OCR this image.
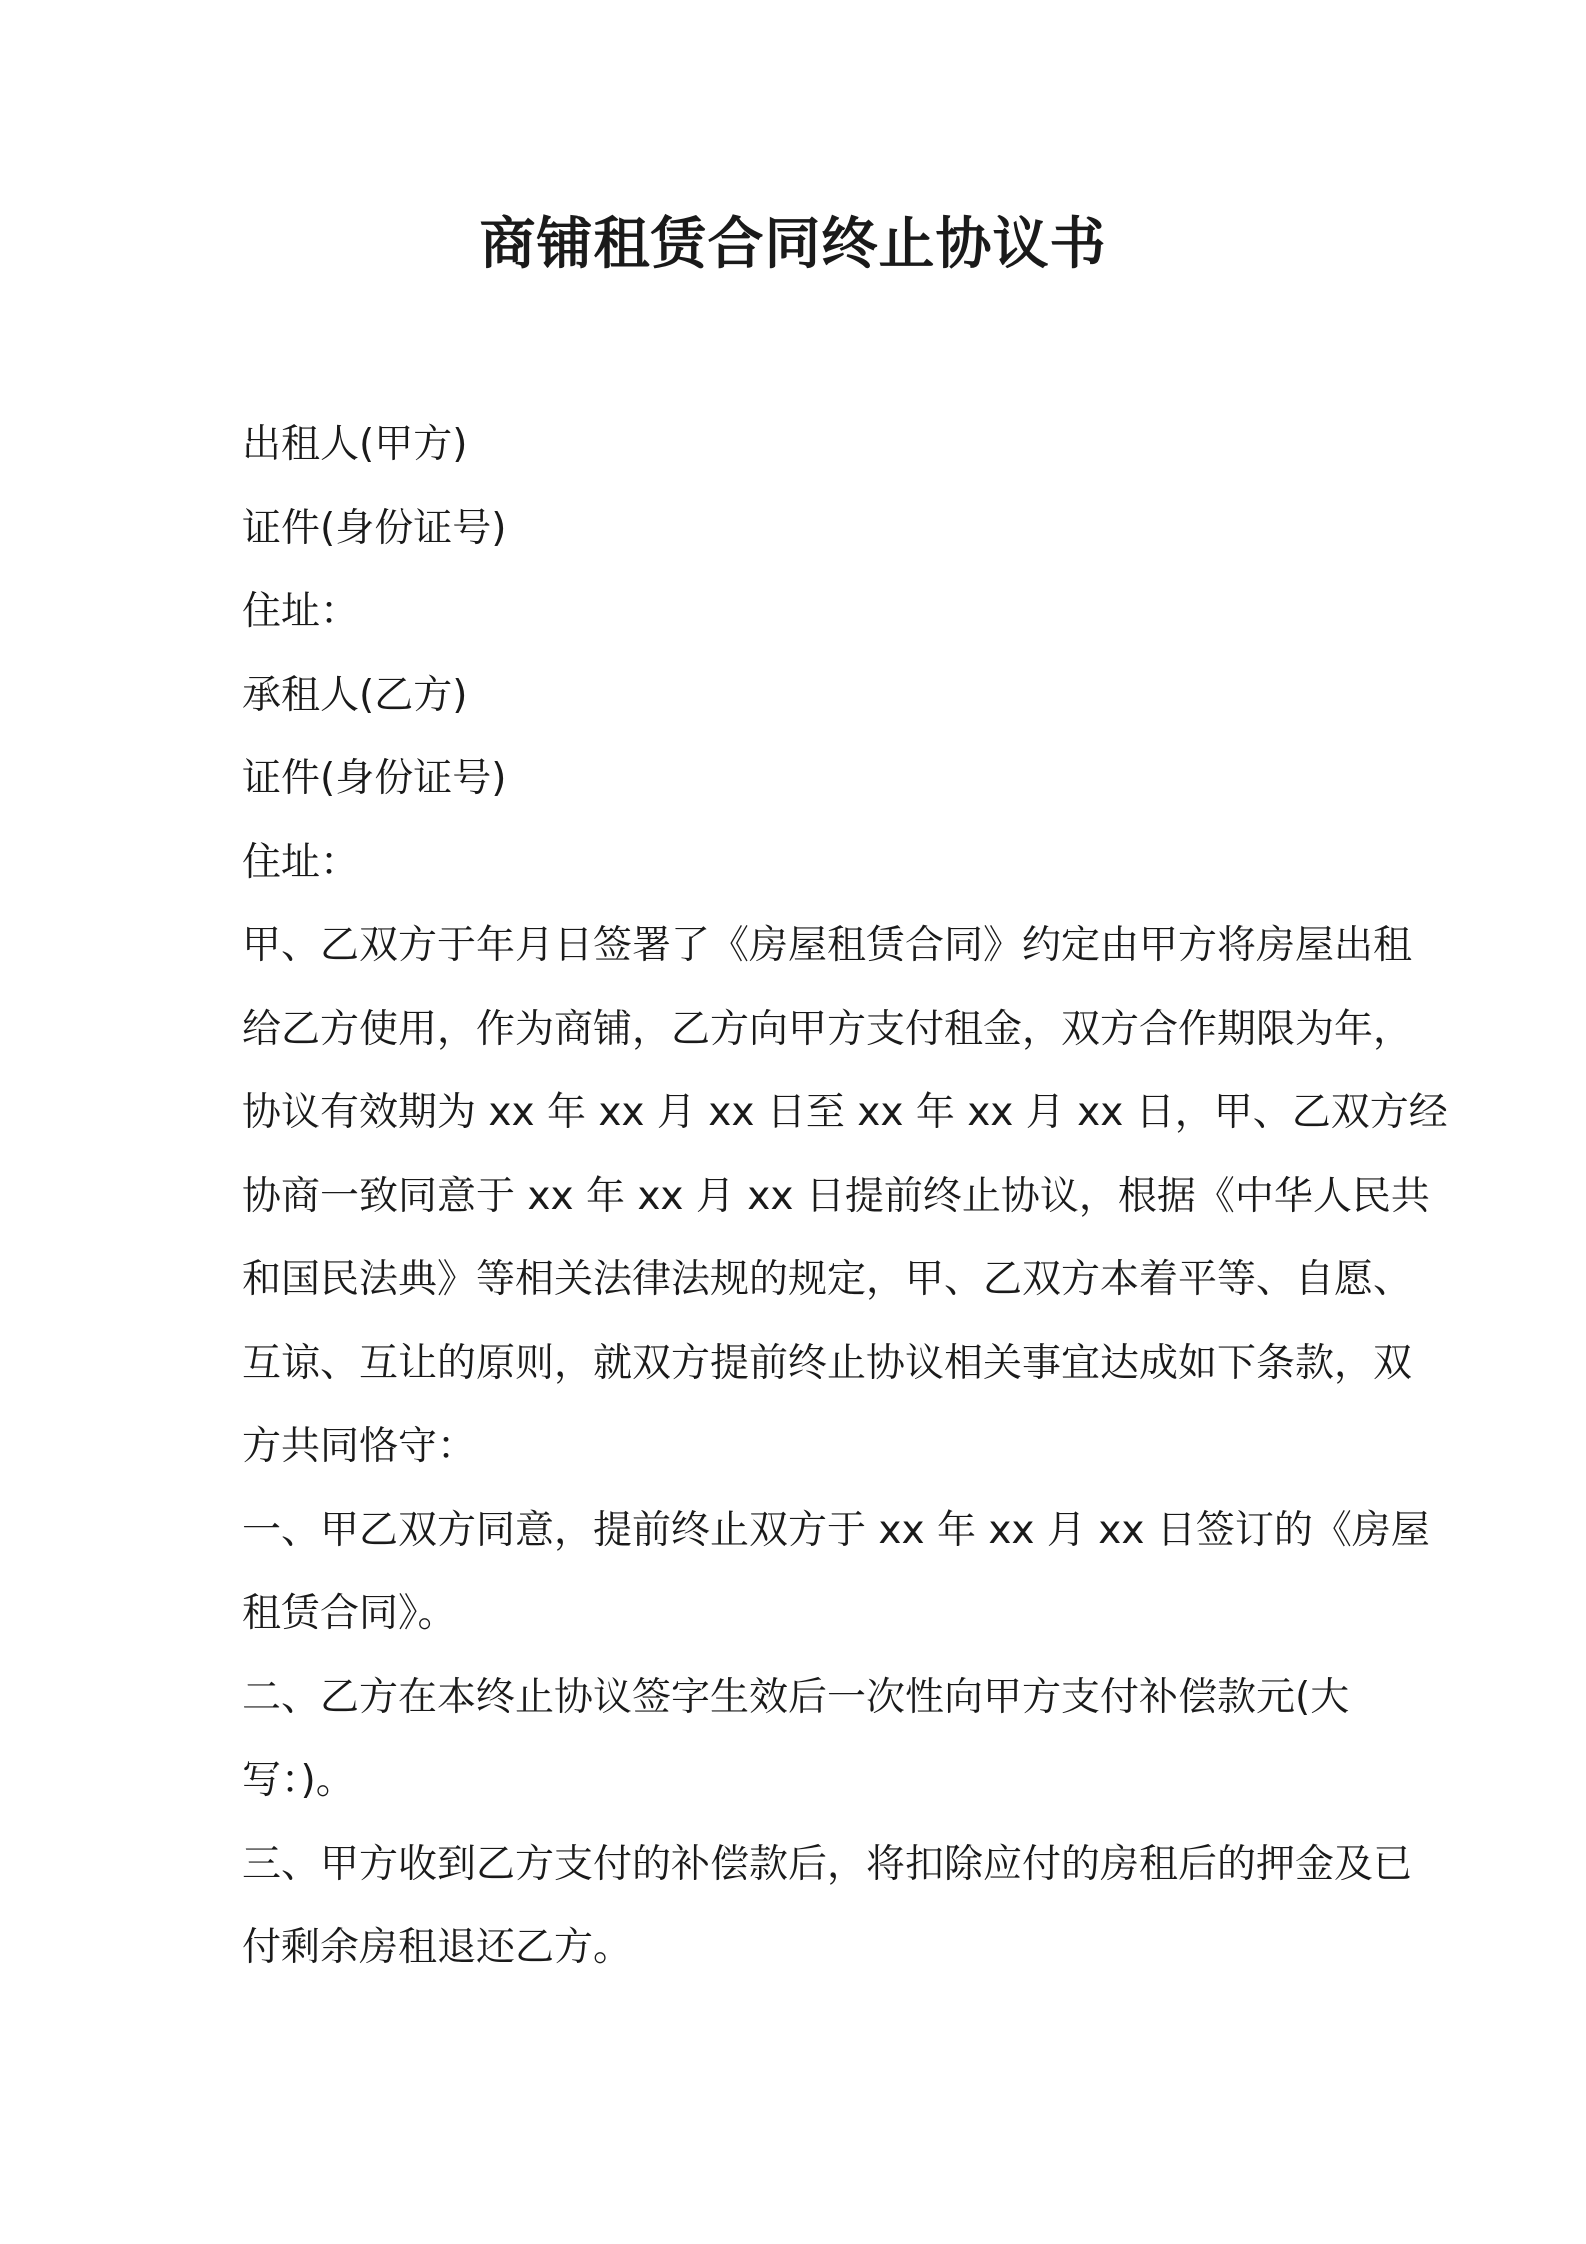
商铺租赁合同终止协议书
出租人(甲方)
证件(身份证号)
住址：
承租人(乙方)
证件(身份证号)
住址：
甲、乙双方于年月日签署了《房屋租赁合同》约定由甲方将房屋出租
给乙方使用，作为商铺，乙方向甲方支付租金，双方合作期限为年，
协议有效期为 xx 年 xx 月 xx 日至 xx 年 xx 月 xx 日，甲、乙双方经
协商一致同意于 xx 年 xx 月 xx 日提前终止协议，根据《中华人民共
和国民法典》等相关法律法规的规定，甲、乙双方本着平等、自愿、
互谅、互让的原则，就双方提前终止协议相关事宜达成如下条款，双
方共同恪守：
一、甲乙双方同意，提前终止双方于 xx 年 xx 月 xx 日签订的《房屋
租赁合同》。
二、乙方在本终止协议签字生效后一次性向甲方支付补偿款元(大
写：)。
三、甲方收到乙方支付的补偿款后，将扣除应付的房租后的押金及已
付剩余房租退还乙方。
